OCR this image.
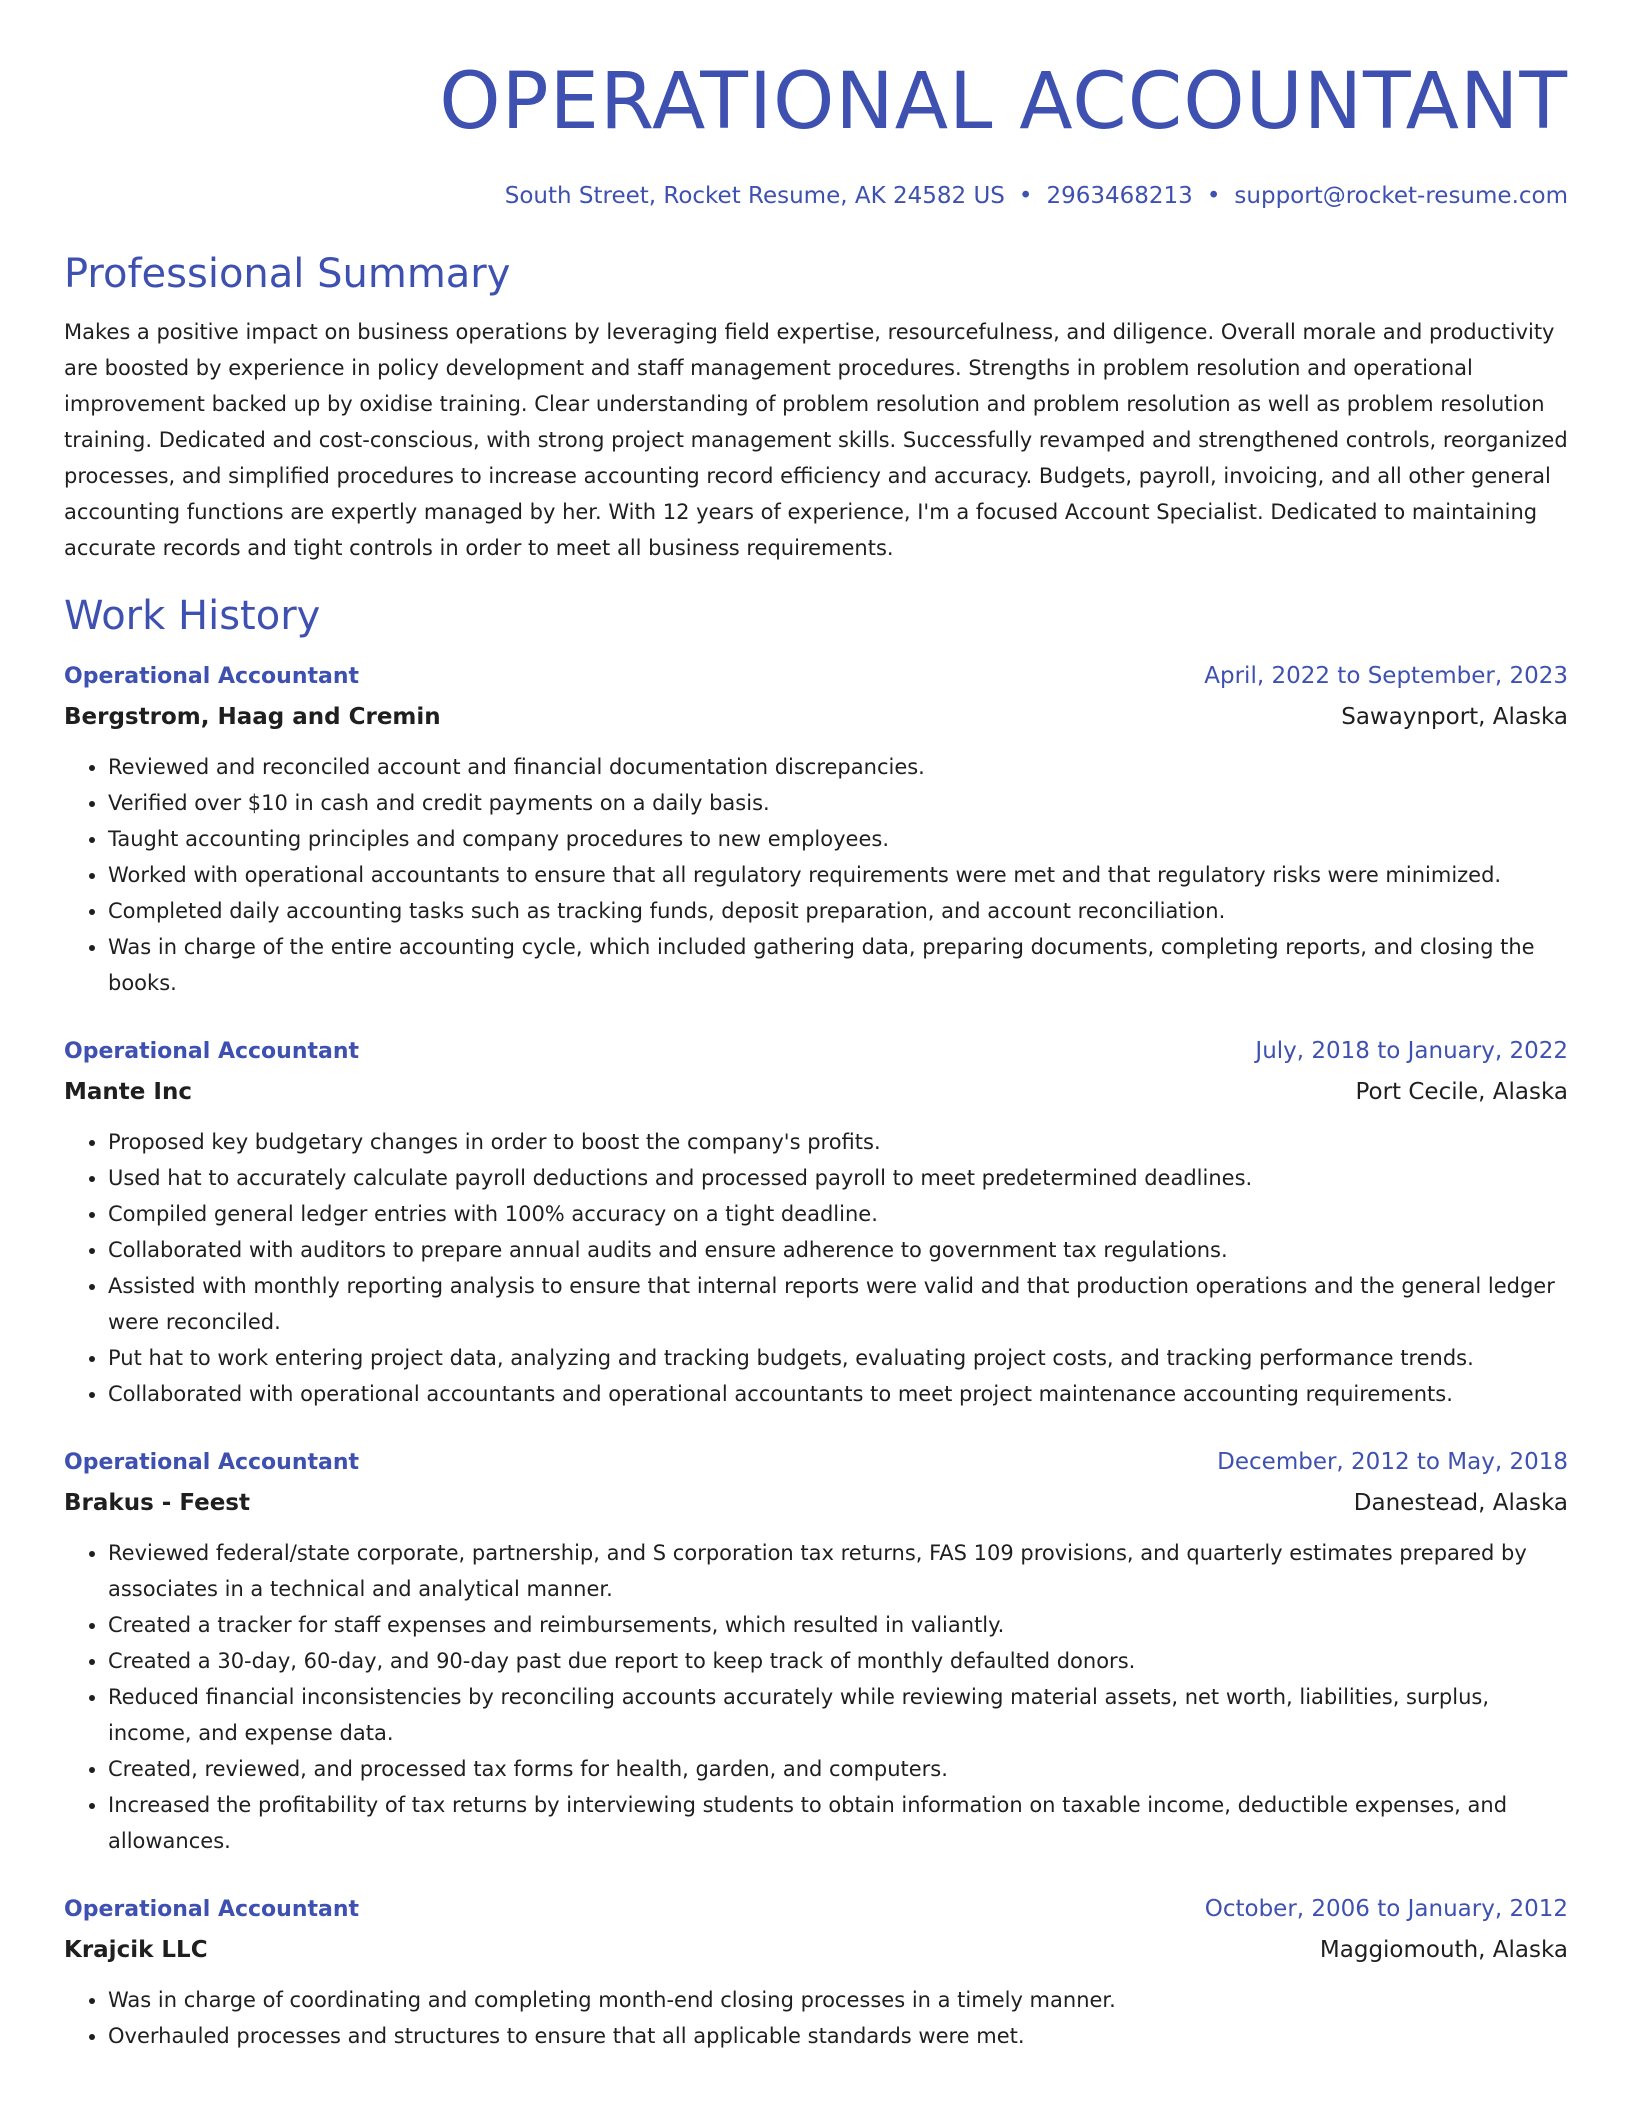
OPERATIONAL ACCOUNTANT
South Street, Rocket Resume, AK 24582 US • 2963468213 • support@rocket-resume.com
Professional Summary

Makes a positive impact on business operations by leveraging field expertise, resourcefulness, and diligence. Overall morale and productivity are boosted by experience in policy development and staff management procedures. Strengths in problem resolution and operational improvement backed up by oxidise training. Clear understanding of problem resolution and problem resolution as well as problem resolution training. Dedicated and cost-conscious, with strong project management skills. Successfully revamped and strengthened controls, reorganized processes, and simplified procedures to increase accounting record efficiency and accuracy. Budgets, payroll, invoicing, and all other general accounting functions are expertly managed by her. With 12 years of experience, I'm a focused Account Specialist. Dedicated to maintaining accurate records and tight controls in order to meet all business requirements.

Work History
Operational Accountant	April, 2022 to September, 2023
Bergstrom, Haag and Cremin	Sawaynport, Alaska
• Reviewed and reconciled account and financial documentation discrepancies.
• Verified over $10 in cash and credit payments on a daily basis.
• Taught accounting principles and company procedures to new employees.
• Worked with operational accountants to ensure that all regulatory requirements were met and that regulatory risks were minimized.
• Completed daily accounting tasks such as tracking funds, deposit preparation, and account reconciliation.
• Was in charge of the entire accounting cycle, which included gathering data, preparing documents, completing reports, and closing the books.
Operational Accountant	July, 2018 to January, 2022
Mante Inc	Port Cecile, Alaska
• Proposed key budgetary changes in order to boost the company's profits.
• Used hat to accurately calculate payroll deductions and processed payroll to meet predetermined deadlines.
• Compiled general ledger entries with 100% accuracy on a tight deadline.
• Collaborated with auditors to prepare annual audits and ensure adherence to government tax regulations.
• Assisted with monthly reporting analysis to ensure that internal reports were valid and that production operations and the general ledger were reconciled.
• Put hat to work entering project data, analyzing and tracking budgets, evaluating project costs, and tracking performance trends.
• Collaborated with operational accountants and operational accountants to meet project maintenance accounting requirements.
Operational Accountant	December, 2012 to May, 2018
Brakus - Feest	Danestead, Alaska
• Reviewed federal/state corporate, partnership, and S corporation tax returns, FAS 109 provisions, and quarterly estimates prepared by associates in a technical and analytical manner.
• Created a tracker for staff expenses and reimbursements, which resulted in valiantly.
• Created a 30-day, 60-day, and 90-day past due report to keep track of monthly defaulted donors.
• Reduced financial inconsistencies by reconciling accounts accurately while reviewing material assets, net worth, liabilities, surplus, income, and expense data.
• Created, reviewed, and processed tax forms for health, garden, and computers.
• Increased the profitability of tax returns by interviewing students to obtain information on taxable income, deductible expenses, and allowances.
Operational Accountant	October, 2006 to January, 2012
Krajcik LLC	Maggiomouth, Alaska
• Was in charge of coordinating and completing month-end closing processes in a timely manner.
• Overhauled processes and structures to ensure that all applicable standards were met.
